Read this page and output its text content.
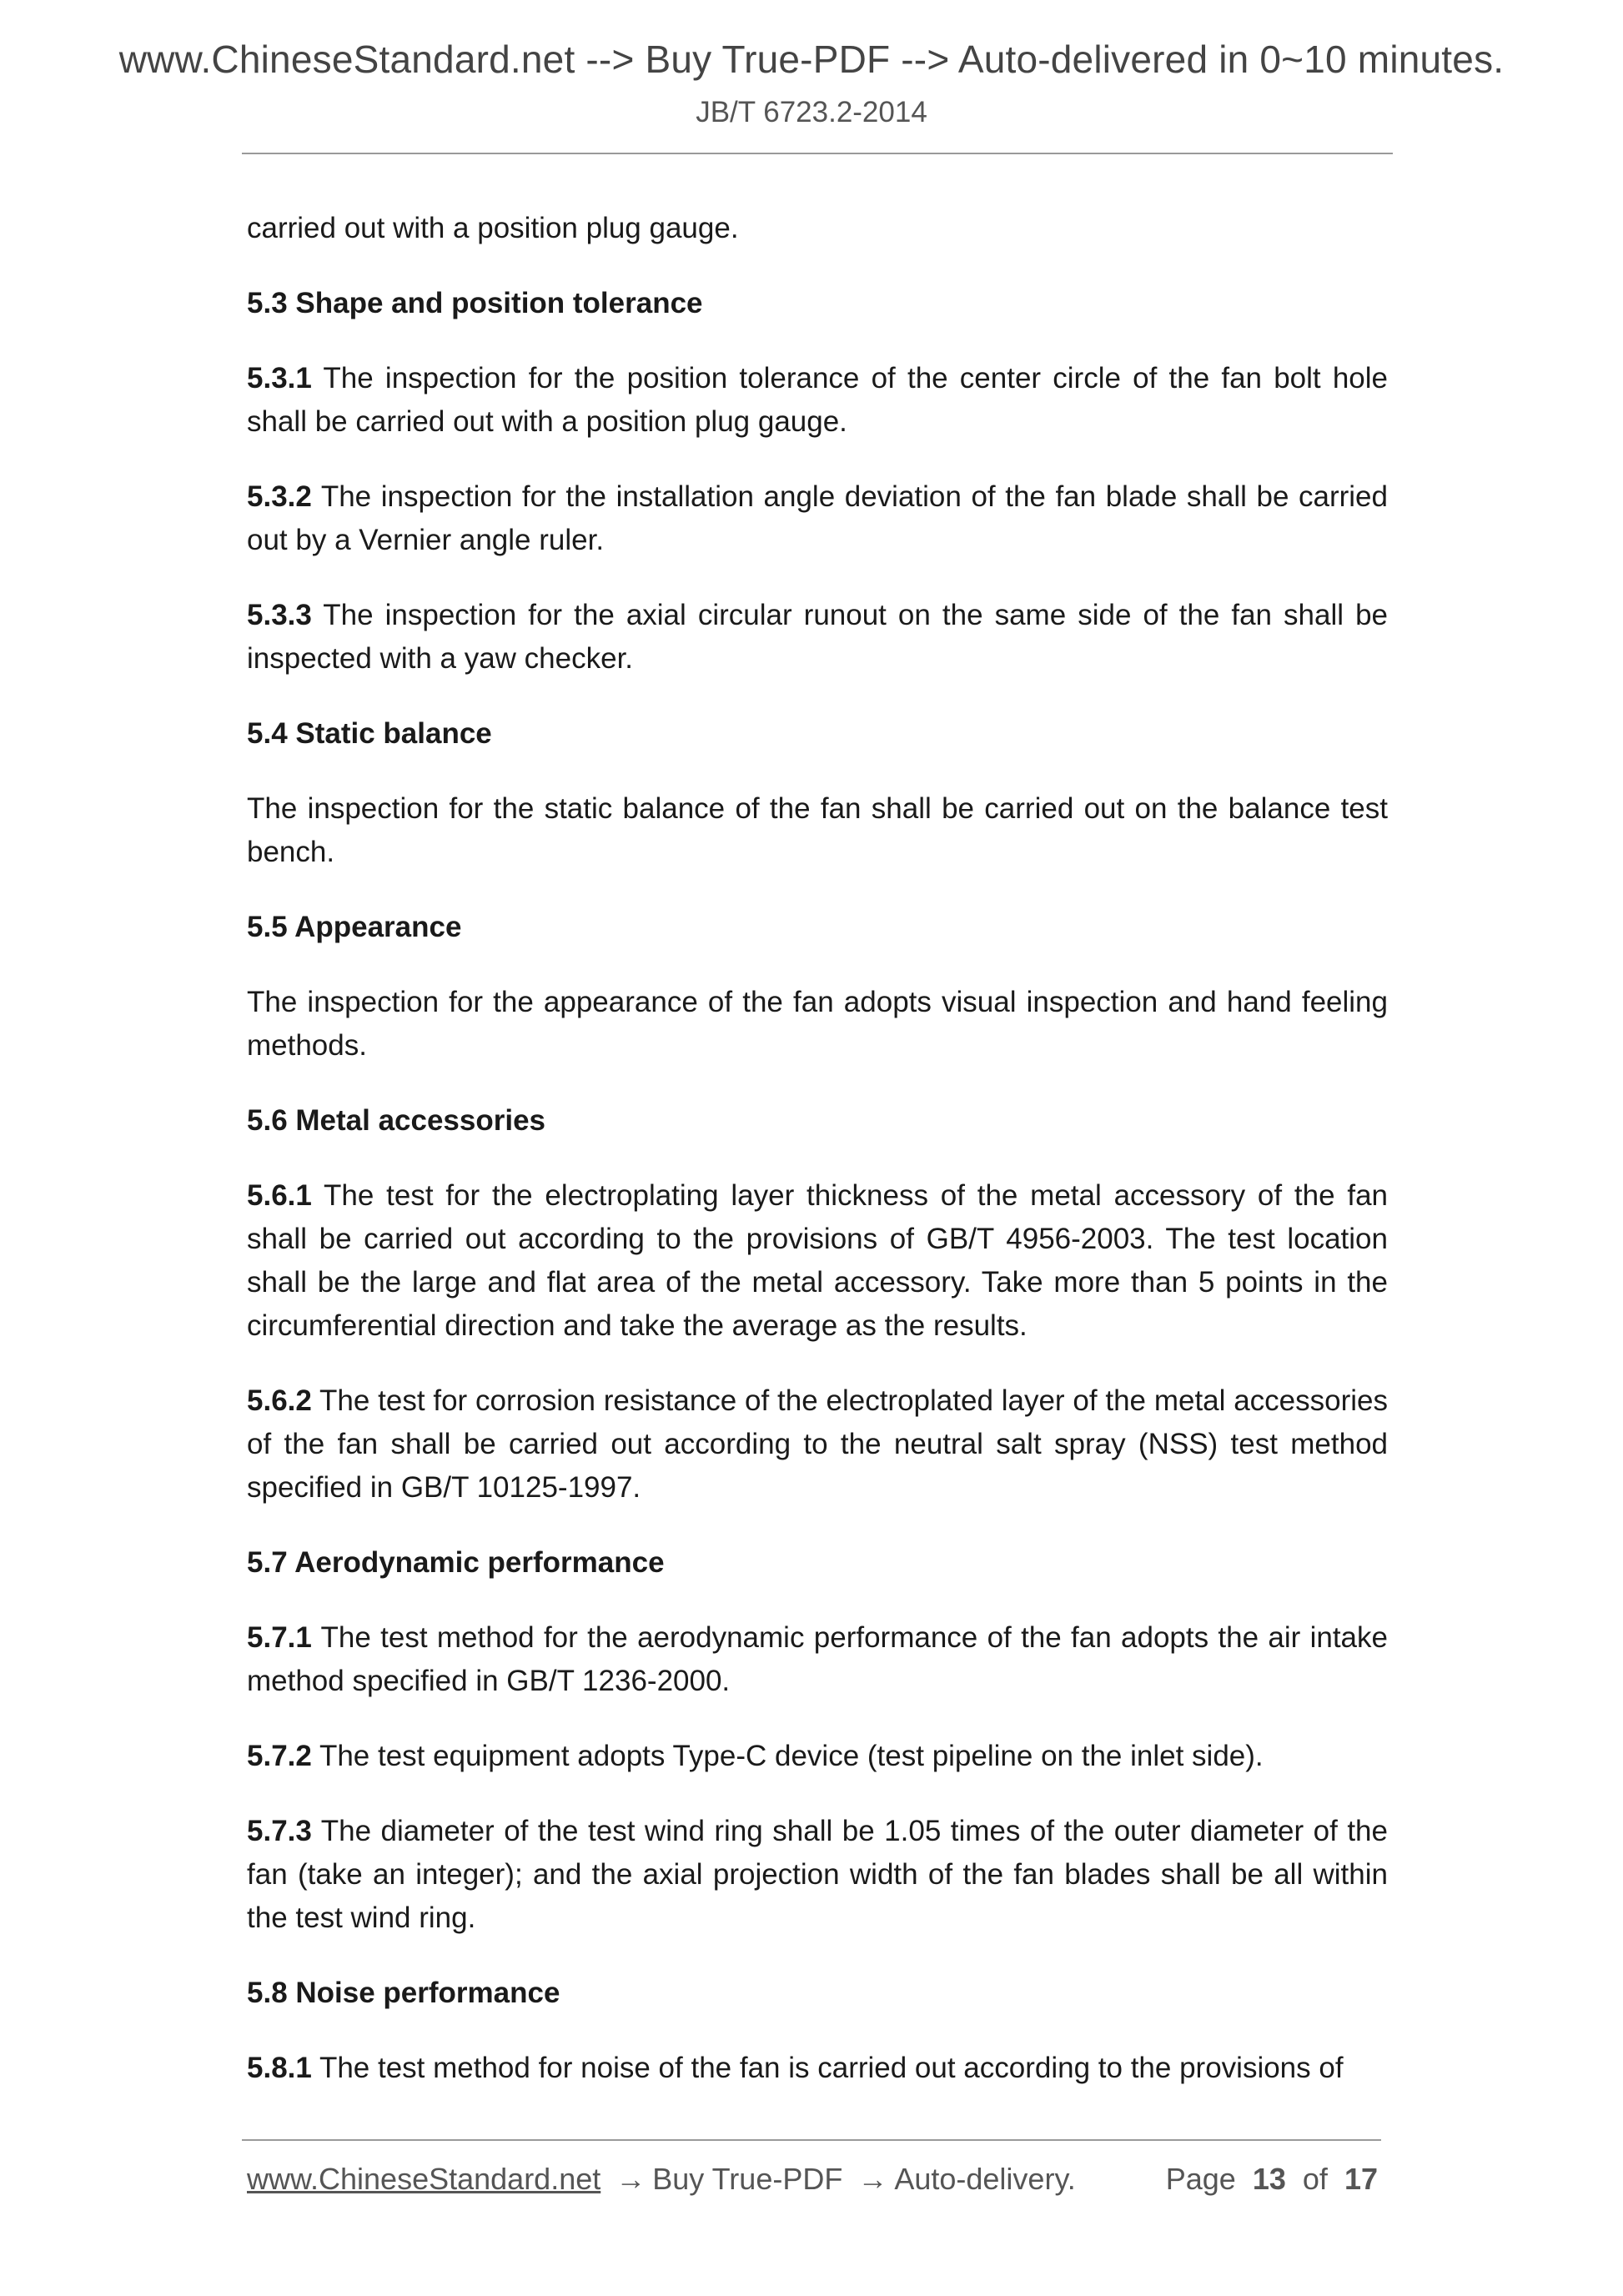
www.ChineseStandard.net --> Buy True-PDF --> Auto-delivered in 0~10 minutes.
JB/T 6723.2-2014

carried out with a position plug gauge.

5.3 Shape and position tolerance

5.3.1 The inspection for the position tolerance of the center circle of the fan bolt hole shall be carried out with a position plug gauge.

5.3.2 The inspection for the installation angle deviation of the fan blade shall be carried out by a Vernier angle ruler.

5.3.3 The inspection for the axial circular runout on the same side of the fan shall be inspected with a yaw checker.

5.4 Static balance

The inspection for the static balance of the fan shall be carried out on the balance test bench.

5.5 Appearance

The inspection for the appearance of the fan adopts visual inspection and hand feeling methods.

5.6 Metal accessories

5.6.1 The test for the electroplating layer thickness of the metal accessory of the fan shall be carried out according to the provisions of GB/T 4956-2003. The test location shall be the large and flat area of the metal accessory. Take more than 5 points in the circumferential direction and take the average as the results.

5.6.2 The test for corrosion resistance of the electroplated layer of the metal accessories of the fan shall be carried out according to the neutral salt spray (NSS) test method specified in GB/T 10125-1997.

5.7 Aerodynamic performance

5.7.1 The test method for the aerodynamic performance of the fan adopts the air intake method specified in GB/T 1236-2000.

5.7.2 The test equipment adopts Type-C device (test pipeline on the inlet side).

5.7.3 The diameter of the test wind ring shall be 1.05 times of the outer diameter of the fan (take an integer); and the axial projection width of the fan blades shall be all within the test wind ring.

5.8 Noise performance

5.8.1 The test method for noise of the fan is carried out according to the provisions of

www.ChineseStandard.net → Buy True-PDF → Auto-delivery.	Page 13 of 17
